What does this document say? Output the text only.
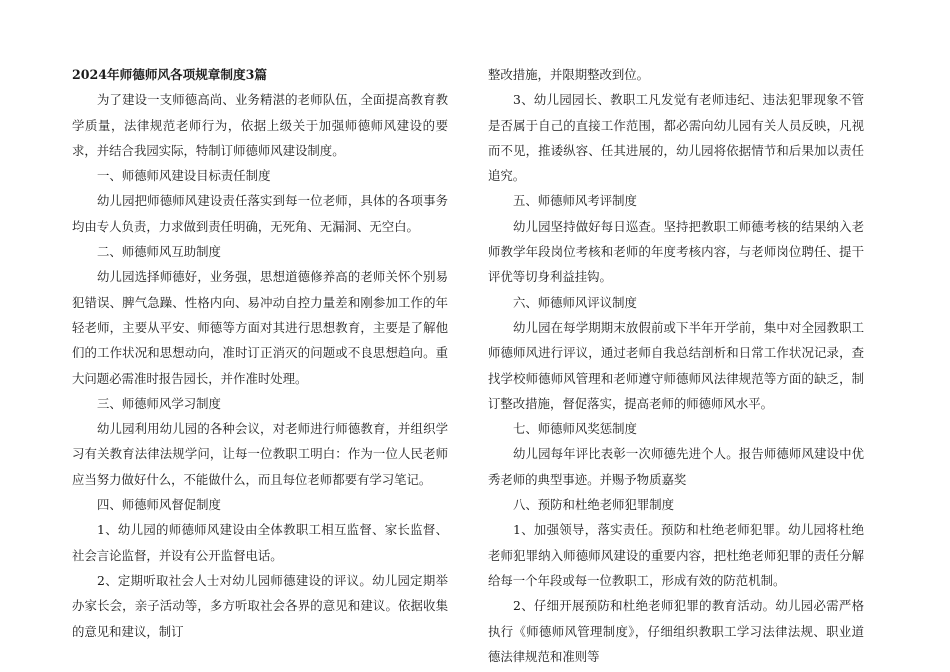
2024年师德师风各项规章制度3篇

为了建设一支师德高尚、业务精湛的老师队伍，全面提高教育教学质量，法律规范老师行为，依据上级关于加强师德师风建设的要求，并结合我园实际，特制订师德师风建设制度。

一、师德师风建设目标责任制度

幼儿园把师德师风建设责任落实到每一位老师，具体的各项事务均由专人负责，力求做到责任明确，无死角、无漏洞、无空白。

二、师德师风互助制度

幼儿园选择师德好，业务强，思想道德修养高的老师关怀个别易犯错误、脾气急躁、性格内向、易冲动自控力量差和刚参加工作的年轻老师，主要从平安、师德等方面对其进行思想教育，主要是了解他们的工作状况和思想动向，准时订正消灭的问题或不良思想趋向。重大问题必需准时报告园长，并作准时处理。

三、师德师风学习制度

幼儿园利用幼儿园的各种会议，对老师进行师德教育，并组织学习有关教育法律法规学问，让每一位教职工明白：作为一位人民老师应当努力做好什么，不能做什么，而且每位老师都要有学习笔记。

四、师德师风督促制度

1、幼儿园的师德师风建设由全体教职工相互监督、家长监督、社会言论监督，并设有公开监督电话。

2、定期听取社会人士对幼儿园师德建设的评议。幼儿园定期举办家长会，亲子活动等，多方听取社会各界的意见和建议。依据收集的意见和建议，制订

整改措施，并限期整改到位。

3、幼儿园园长、教职工凡发觉有老师违纪、违法犯罪现象不管是否属于自己的直接工作范围，都必需向幼儿园有关人员反映，凡视而不见，推诿纵容、任其进展的，幼儿园将依据情节和后果加以责任追究。

五、师德师风考评制度

幼儿园坚持做好每日巡查。坚持把教职工师德考核的结果纳入老师教学年段岗位考核和老师的年度考核内容，与老师岗位聘任、提干评优等切身利益挂钩。

六、师德师风评议制度

幼儿园在每学期期末放假前或下半年开学前，集中对全园教职工师德师风进行评议，通过老师自我总结剖析和日常工作状况记录，查找学校师德师风管理和老师遵守师德师风法律规范等方面的缺乏，制订整改措施，督促落实，提高老师的师德师风水平。

七、师德师风奖惩制度

幼儿园每年评比表彰一次师德先进个人。报告师德师风建设中优秀老师的典型事迹。并赐予物质嘉奖

八、预防和杜绝老师犯罪制度

1、加强领导，落实责任。预防和杜绝老师犯罪。幼儿园将杜绝老师犯罪纳入师德师风建设的重要内容，把杜绝老师犯罪的责任分解给每一个年段或每一位教职工，形成有效的防范机制。

2、仔细开展预防和杜绝老师犯罪的教育活动。幼儿园必需严格执行《师德师风管理制度》，仔细组织教职工学习法律法规、职业道德法律规范和准则等
